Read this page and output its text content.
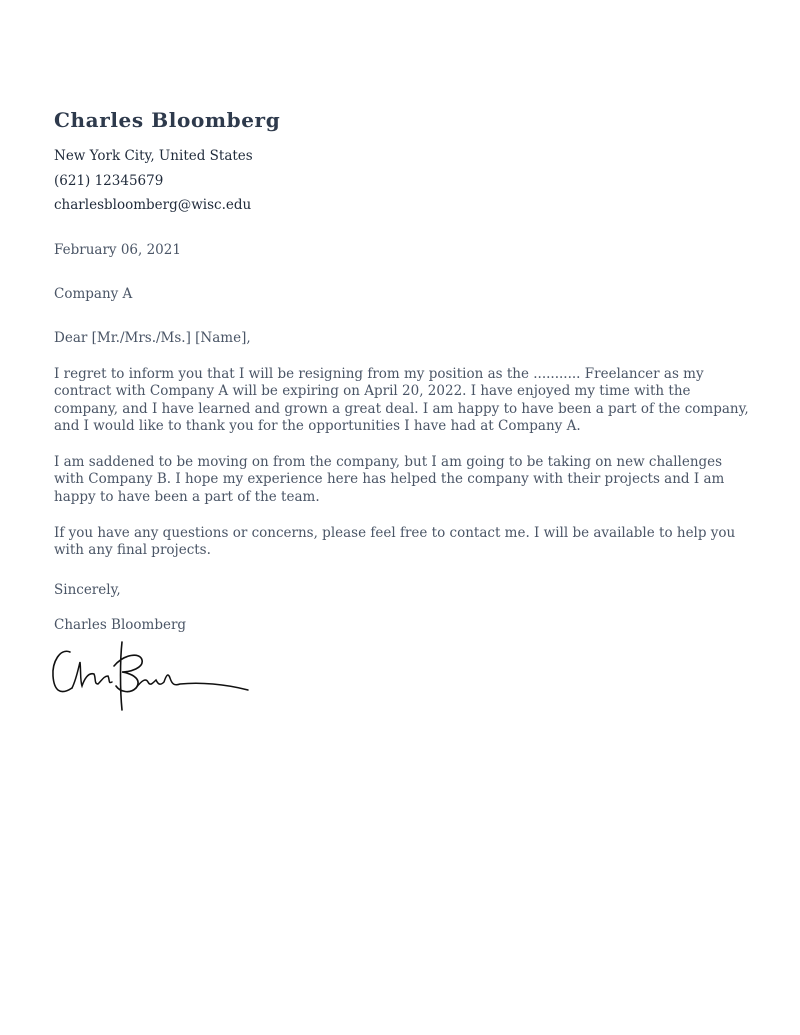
Charles Bloomberg
New York City, United States
(621) 12345679
charlesbloomberg@wisc.edu
February 06, 2021
Company A
Dear [Mr./Mrs./Ms.] [Name],
I regret to inform you that I will be resigning from my position as the ........... Freelancer as my contract with Company A will be expiring on April 20, 2022. I have enjoyed my time with the company, and I have learned and grown a great deal. I am happy to have been a part of the company, and I would like to thank you for the opportunities I have had at Company A.
I am saddened to be moving on from the company, but I am going to be taking on new challenges with Company B. I hope my experience here has helped the company with their projects and I am happy to have been a part of the team.
If you have any questions or concerns, please feel free to contact me. I will be available to help you with any final projects.
Sincerely,
Charles Bloomberg
